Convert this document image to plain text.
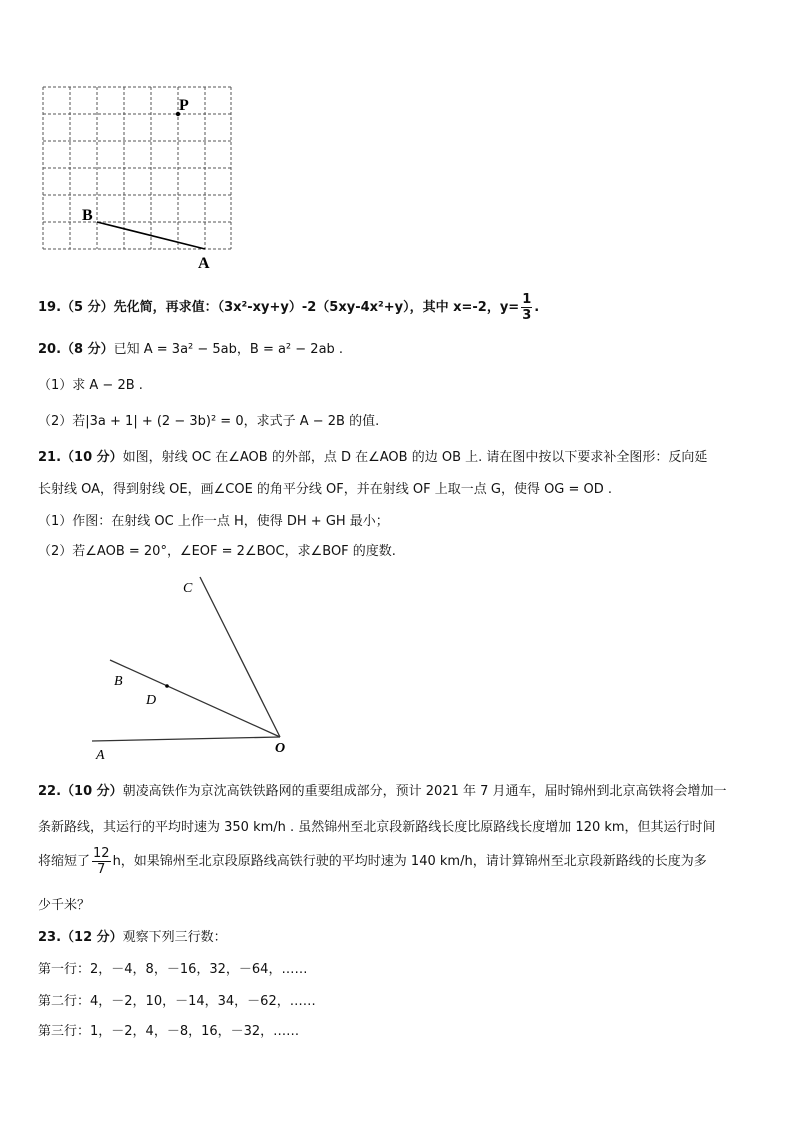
P
B
A
19.（5 分）先化简，再求值：（3x²-xy+y）-2（5xy-4x²+y），其中 x=-2，$y= \frac{1}{3}$ .
20.（8 分）已知 A = 3a² − 5ab，B = a² − 2ab .
（1）求 A − 2B .
（2）若|3a + 1| + (2 − 3b)² = 0，求式子 A − 2B 的值.
21.（10 分）如图，射线 OC 在∠AOB 的外部，点 D 在∠AOB 的边 OB 上. 请在图中按以下要求补全图形：反向延
长射线 OA，得到射线 OE，画∠COE 的角平分线 OF，并在射线 OF 上取一点 G，使得 OG = OD .
（1）作图：在射线 OC 上作一点 H，使得 DH + GH 最小；
（2）若∠AOB = 20°，∠EOF = 2∠BOC，求∠BOF 的度数.
C
B
D
A	O
22.（10 分）朝凌高铁作为京沈高铁铁路网的重要组成部分，预计 2021 年 7 月通车，届时锦州到北京高铁将会增加一
条新路线，其运行的平均时速为 350 km/h . 虽然锦州至北京段新路线长度比原路线长度增加 120 km，但其运行时间
将缩短了 $\frac{12}{7}$ h，如果锦州至北京段原路线高铁行驶的平均时速为 140 km/h，请计算锦州至北京段新路线的长度为多
少千米？
23.（12 分）观察下列三行数：
第一行：2，－4，8，－16，32，－64，……
第二行：4，－2，10，－14，34，－62，……
第三行：1，－2，4，－8，16，－32，……
